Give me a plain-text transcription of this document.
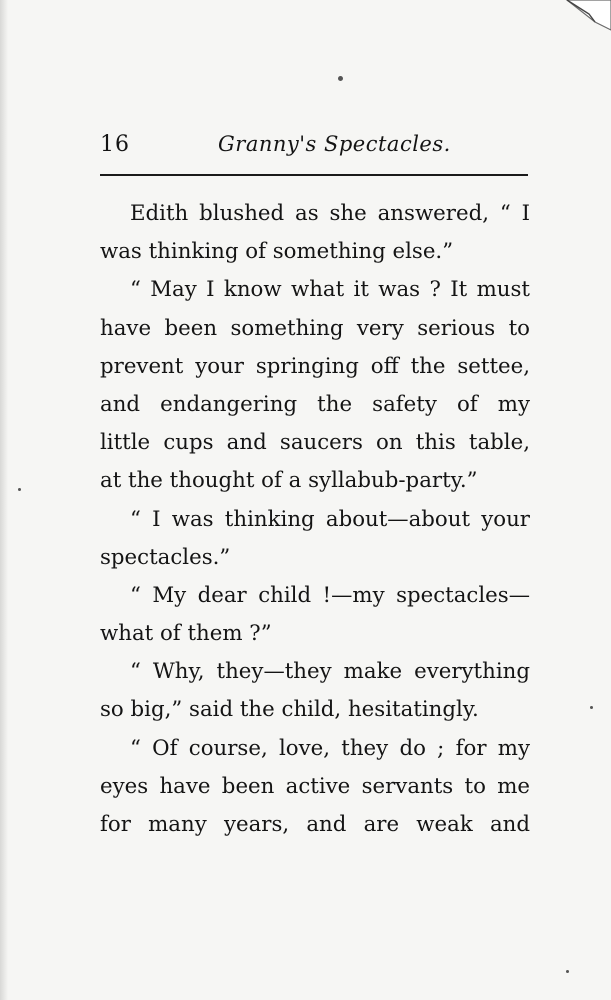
16	Granny's Spectacles.
Edith blushed as she answered, “ I
was thinking of something else.”
“ May I know what it was ? It must
have been something very serious to
prevent your springing off the settee,
and endangering the safety of my
little cups and saucers on this table,
at the thought of a syllabub-party.”
“ I was thinking about—about your
spectacles.”
“ My dear child !—my spectacles—
what of them ?”
“ Why, they—they make everything
so big,” said the child, hesitatingly.
“ Of course, love, they do ; for my
eyes have been active servants to me
for many years, and are weak and
